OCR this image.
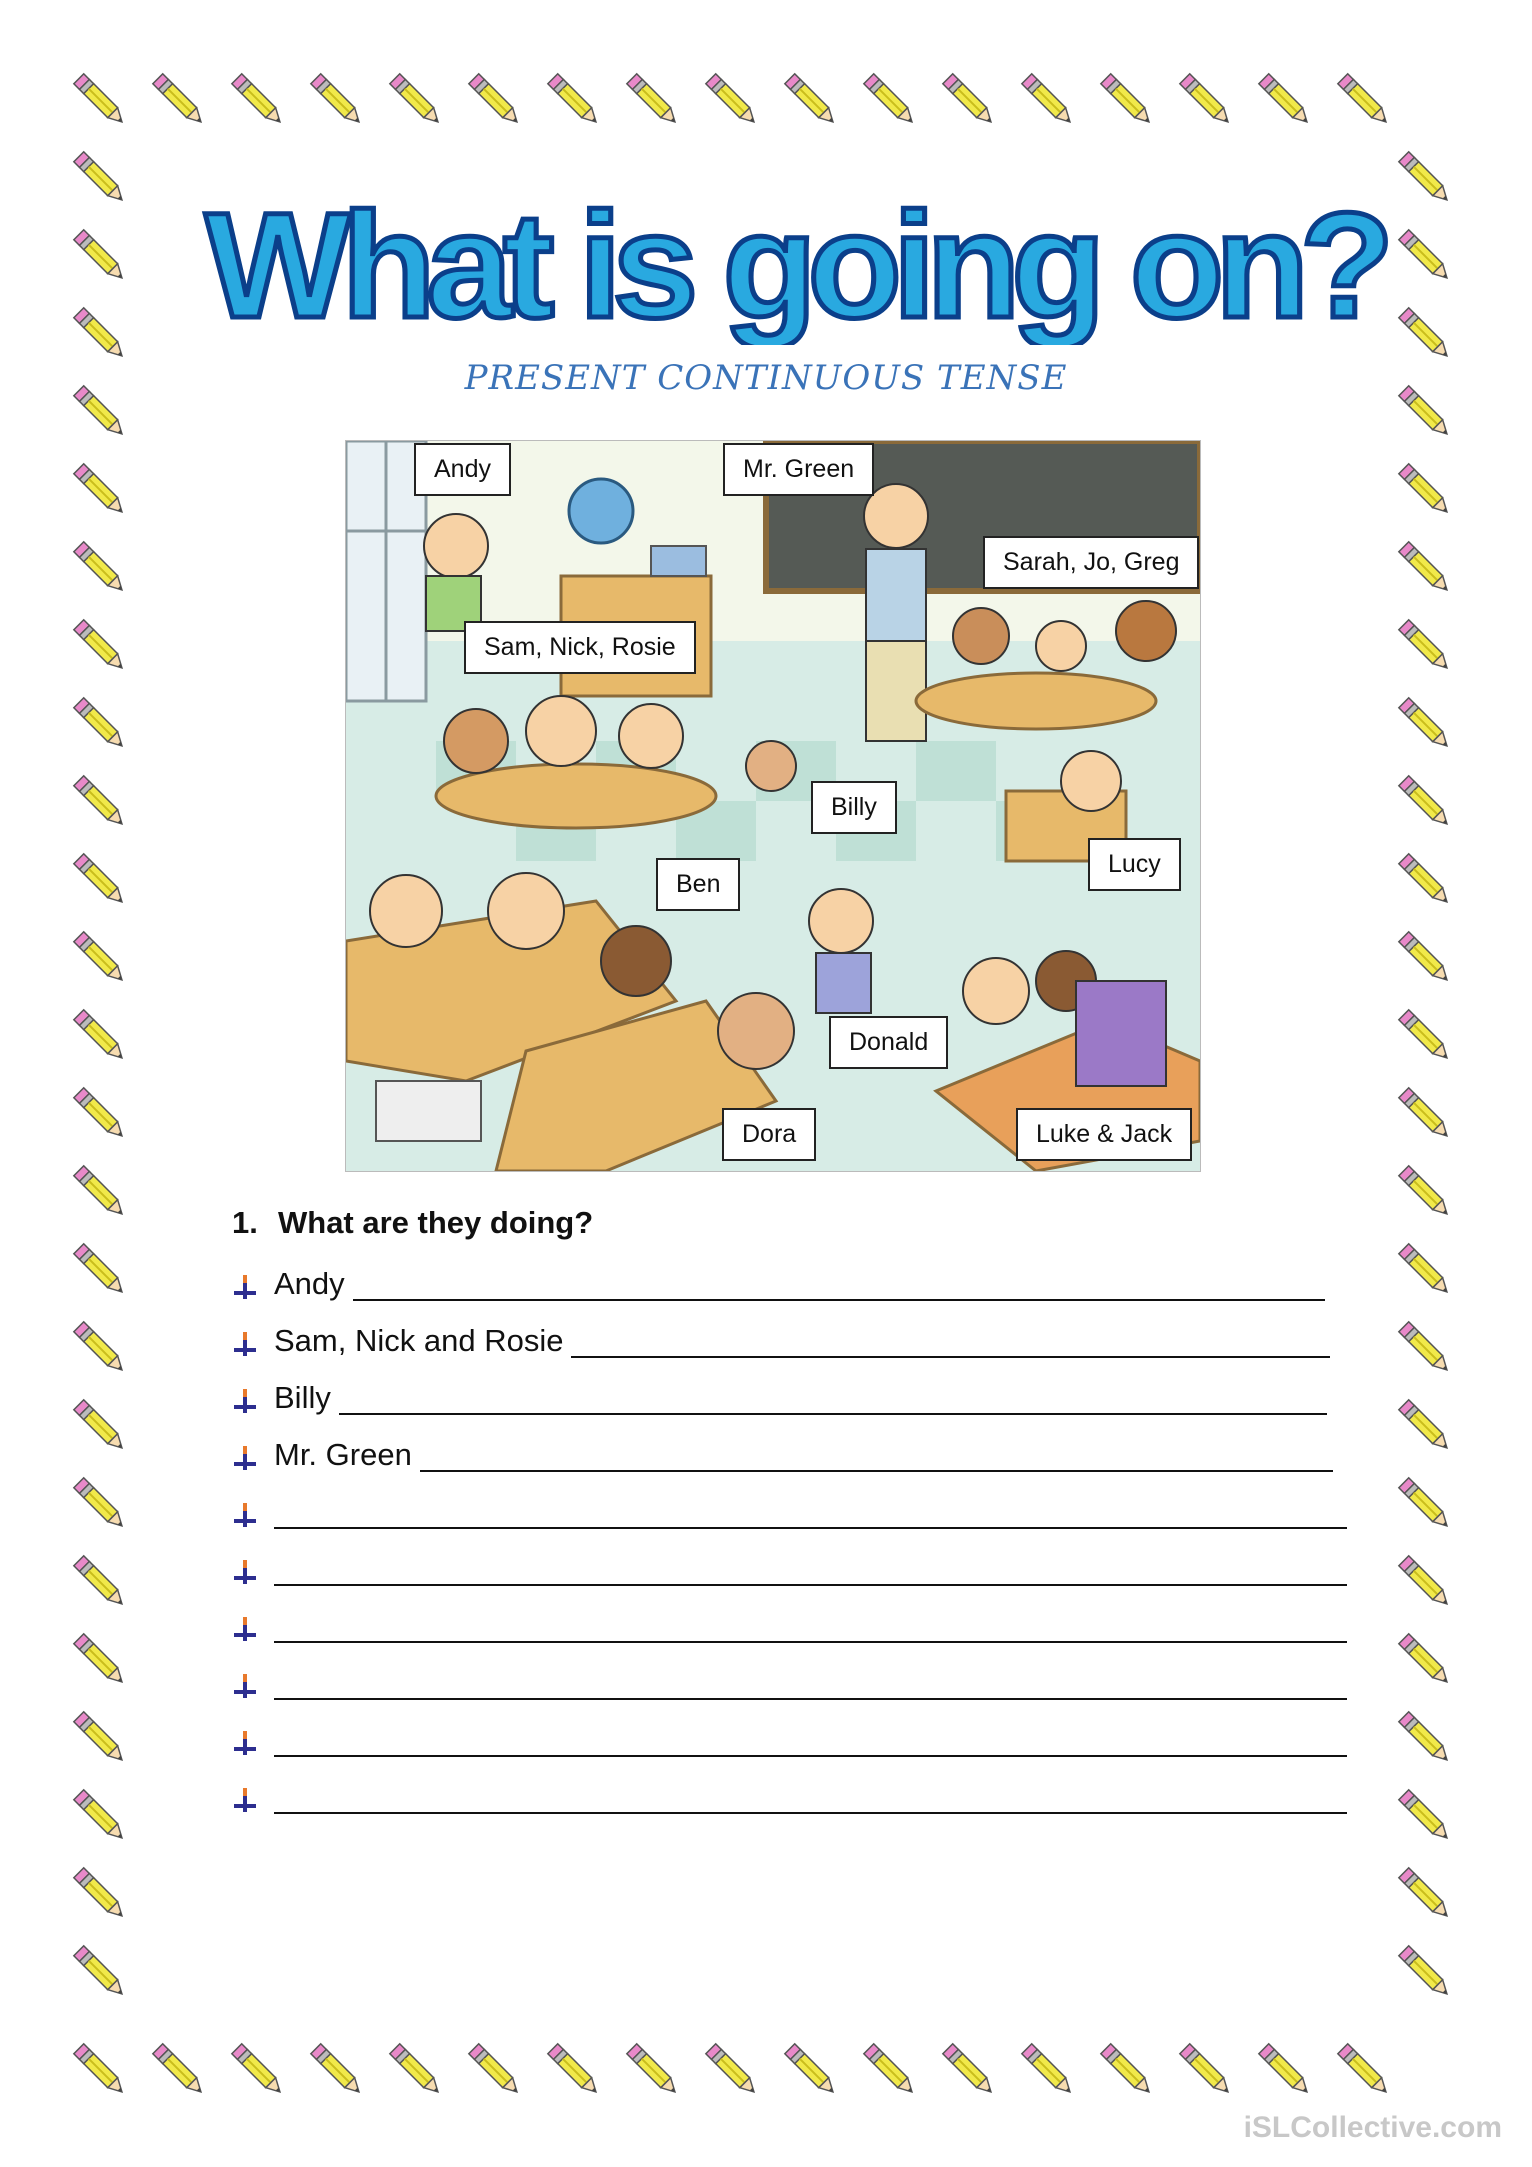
What is going on?
PRESENT CONTINUOUS TENSE
Andy	Mr. Green
Sarah, Jo, Greg
Sam, Nick, Rosie
Billy
Lucy
Ben
Donald
Dora	Luke & Jack
1. What are they doing?
Andy
Sam, Nick and Rosie
Billy
Mr. Green
iSLCollective.com
